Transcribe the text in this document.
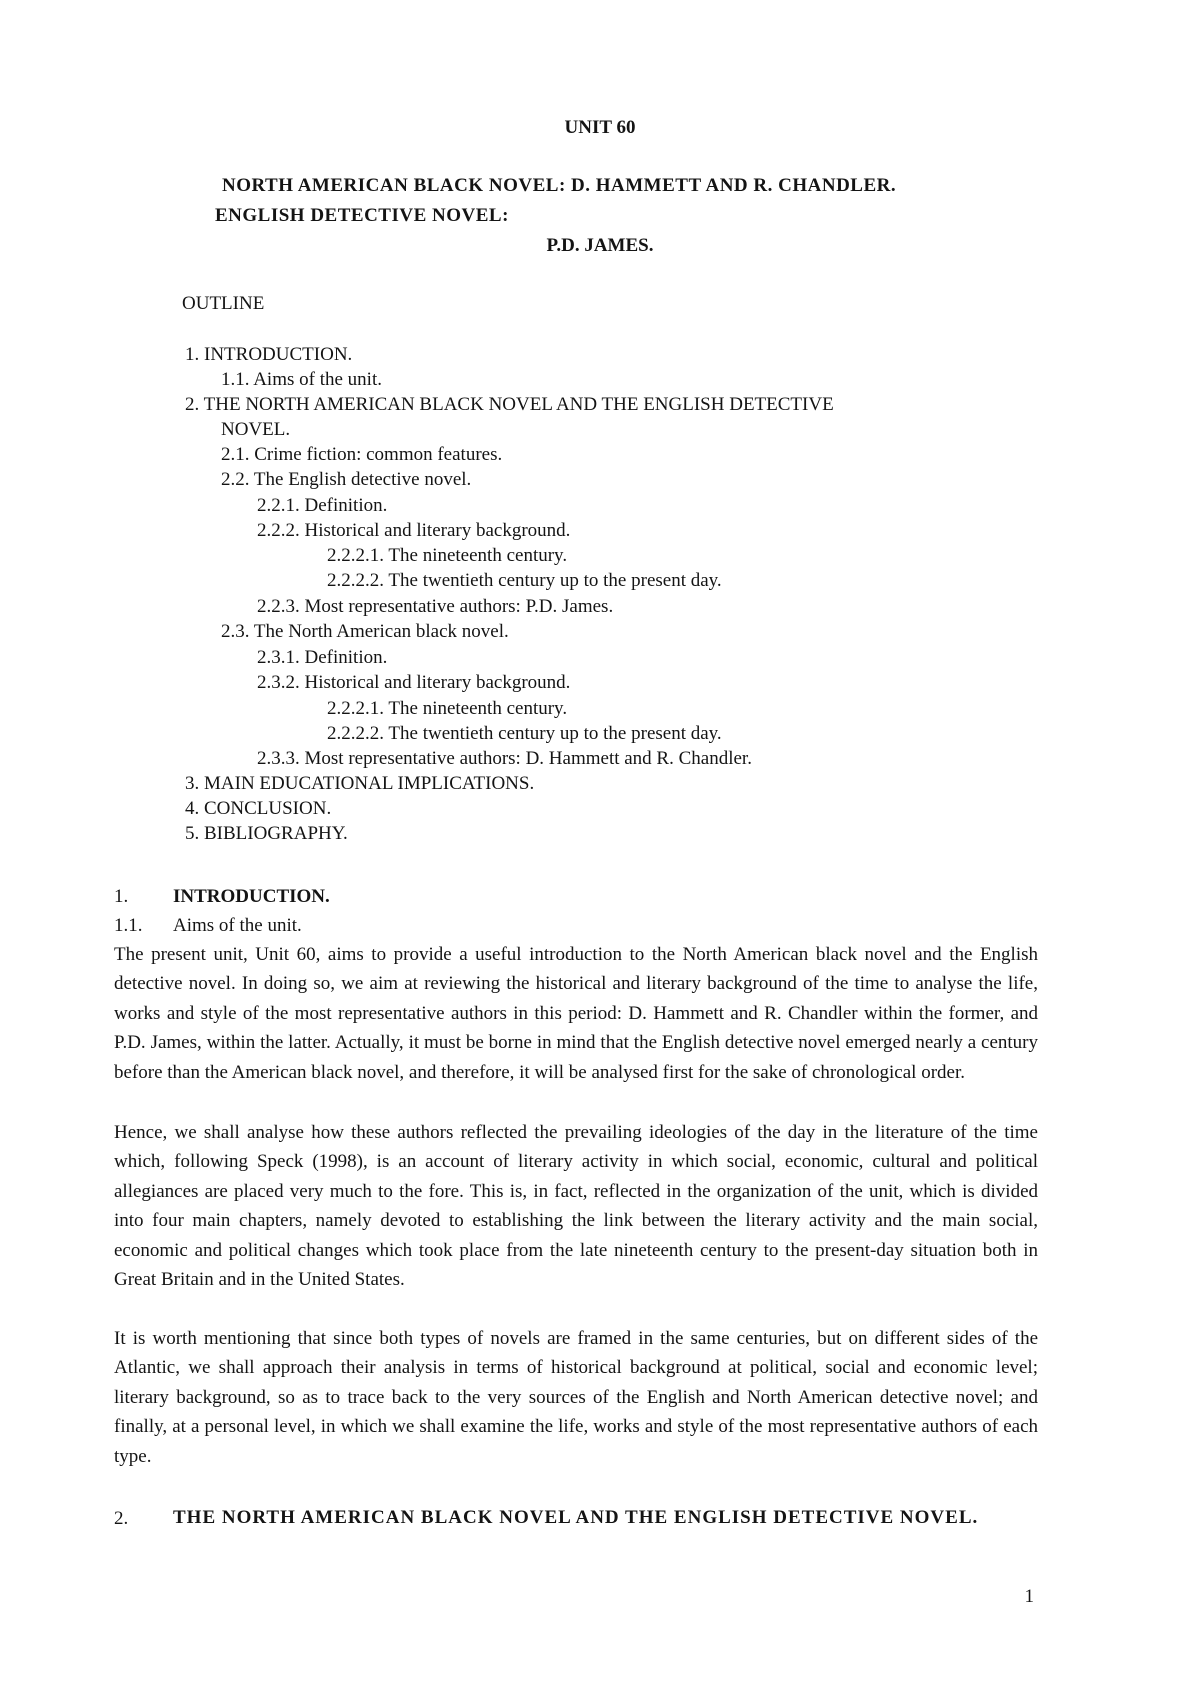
UNIT 60
NORTH AMERICAN BLACK NOVEL: D. HAMMETT AND R. CHANDLER.
ENGLISH DETECTIVE NOVEL:
P.D. JAMES.
OUTLINE
1. INTRODUCTION.
1.1. Aims of the unit.
2. THE NORTH AMERICAN BLACK NOVEL AND THE ENGLISH DETECTIVE
NOVEL.
2.1. Crime fiction: common features.
2.2. The English detective novel.
2.2.1. Definition.
2.2.2. Historical and literary background.
2.2.2.1. The nineteenth century.
2.2.2.2. The twentieth century up to the present day.
2.2.3. Most representative authors: P.D. James.
2.3. The North American black novel.
2.3.1. Definition.
2.3.2. Historical and literary background.
2.2.2.1. The nineteenth century.
2.2.2.2. The twentieth century up to the present day.
2.3.3. Most representative authors: D. Hammett and R. Chandler.
3. MAIN EDUCATIONAL IMPLICATIONS.
4. CONCLUSION.
5. BIBLIOGRAPHY.
1. INTRODUCTION.
1.1. Aims of the unit.
The present unit, Unit 60, aims to provide a useful introduction to the North American black novel and the English detective novel. In doing so, we aim at reviewing the historical and literary background of the time to analyse the life, works and style of the most representative authors in this period: D. Hammett and R. Chandler within the former, and P.D. James, within the latter. Actually, it must be borne in mind that the English detective novel emerged nearly a century before than the American black novel, and therefore, it will be analysed first for the sake of chronological order.
Hence, we shall analyse how these authors reflected the prevailing ideologies of the day in the literature of the time which, following Speck (1998), is an account of literary activity in which social, economic, cultural and political allegiances are placed very much to the fore. This is, in fact, reflected in the organization of the unit, which is divided into four main chapters, namely devoted to establishing the link between the literary activity and the main social, economic and political changes which took place from the late nineteenth century to the present-day situation both in Great Britain and in the United States.
It is worth mentioning that since both types of novels are framed in the same centuries, but on different sides of the Atlantic, we shall approach their analysis in terms of historical background at political, social and economic level; literary background, so as to trace back to the very sources of the English and North American detective novel; and finally, at a personal level, in which we shall examine the life, works and style of the most representative authors of each type.
2.	THE NORTH AMERICAN BLACK NOVEL AND THE ENGLISH DETECTIVE NOVEL.
1
